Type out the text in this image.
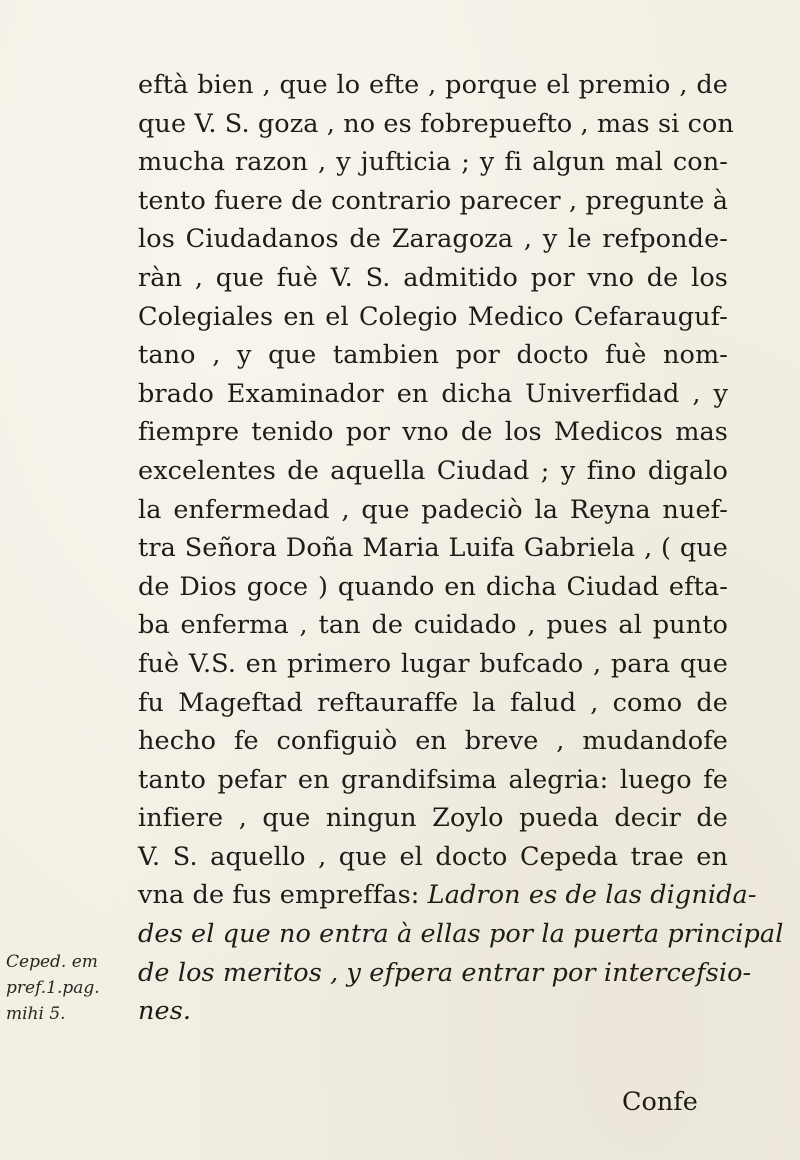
eftà bien , que lo efte , porque el premio , de
que V. S. goza , no es fobrepuefto , mas si con
mucha razon , y jufticia ; y fi algun mal con-
tento fuere de contrario parecer , pregunte à
los Ciudadanos de Zaragoza , y le refponde-
ràn , que fuè V. S. admitido por vno de los
Colegiales en el Colegio Medico Cefarauguf-
tano , y que tambien por docto fuè nom-
brado Examinador en dicha Univerfidad , y
fiempre tenido por vno de los Medicos mas
excelentes de aquella Ciudad ; y fino digalo
la enfermedad , que padeciò la Reyna nuef-
tra Señora Doña Maria Luifa Gabriela , ( que
de Dios goce ) quando en dicha Ciudad efta-
ba enferma , tan de cuidado , pues al punto
fuè V.S. en primero lugar bufcado , para que
fu Mageftad reftauraffe la falud , como de
hecho fe configuiò en breve , mudandofe
tanto pefar en grandifsima alegria: luego fe
infiere , que ningun Zoylo pueda decir de
V. S. aquello , que el docto Cepeda trae en
vna de fus empreffas: Ladron es de las dignida-
des el que no entra à ellas por la puerta principal
de los meritos , y efpera entrar por intercefsio-
nes.
Ceped. em
pref.1.pag.
mihi 5.
Confe
